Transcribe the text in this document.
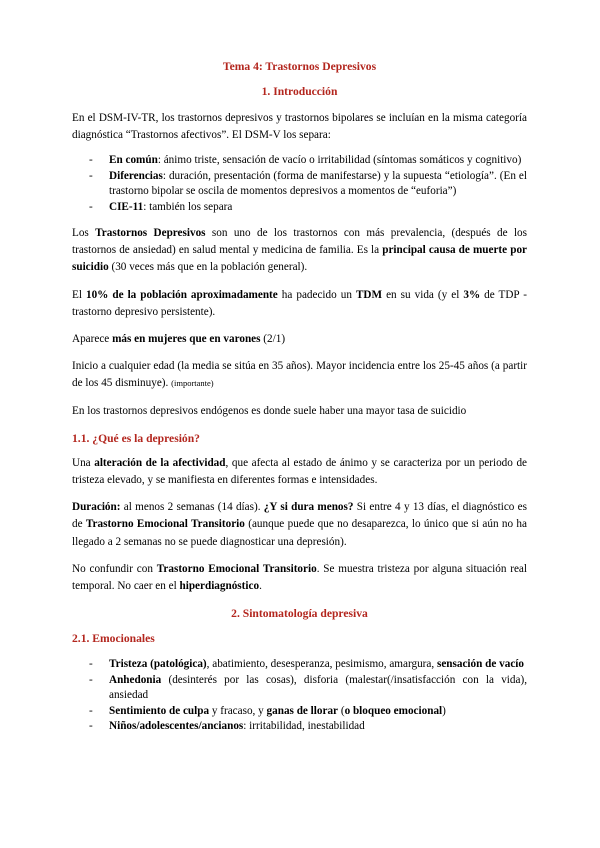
Tema 4: Trastornos Depresivos
1. Introducción

En el DSM-IV-TR, los trastornos depresivos y trastornos bipolares se incluían en la misma categoría diagnóstica “Trastornos afectivos”. El DSM-V los separa:

- En común: ánimo triste, sensación de vacío o irritabilidad (síntomas somáticos y cognitivo)
- Diferencias: duración, presentación (forma de manifestarse) y la supuesta “etiología”. (En el trastorno bipolar se oscila de momentos depresivos a momentos de “euforia”)
- CIE-11: también los separa

Los Trastornos Depresivos son uno de los trastornos con más prevalencia, (después de los trastornos de ansiedad) en salud mental y medicina de familia. Es la principal causa de muerte por suicidio (30 veces más que en la población general).

El 10% de la población aproximadamente ha padecido un TDM en su vida (y el 3% de TDP - trastorno depresivo persistente).

Aparece más en mujeres que en varones (2/1)

Inicio a cualquier edad (la media se sitúa en 35 años). Mayor incidencia entre los 25-45 años (a partir de los 45 disminuye). (importante)

En los trastornos depresivos endógenos es donde suele haber una mayor tasa de suicidio

1.1. ¿Qué es la depresión?

Una alteración de la afectividad, que afecta al estado de ánimo y se caracteriza por un periodo de tristeza elevado, y se manifiesta en diferentes formas e intensidades.

Duración: al menos 2 semanas (14 días). ¿Y si dura menos? Si entre 4 y 13 días, el diagnóstico es de Trastorno Emocional Transitorio (aunque puede que no desaparezca, lo único que si aún no ha llegado a 2 semanas no se puede diagnosticar una depresión).

No confundir con Trastorno Emocional Transitorio. Se muestra tristeza por alguna situación real temporal. No caer en el hiperdiagnóstico.

2. Sintomatología depresiva
2.1. Emocionales
- Tristeza (patológica), abatimiento, desesperanza, pesimismo, amargura, sensación de vacío
- Anhedonia (desinterés por las cosas), disforia (malestar(/insatisfacción con la vida), ansiedad
- Sentimiento de culpa y fracaso, y ganas de llorar (o bloqueo emocional)
- Niños/adolescentes/ancianos: irritabilidad, inestabilidad
